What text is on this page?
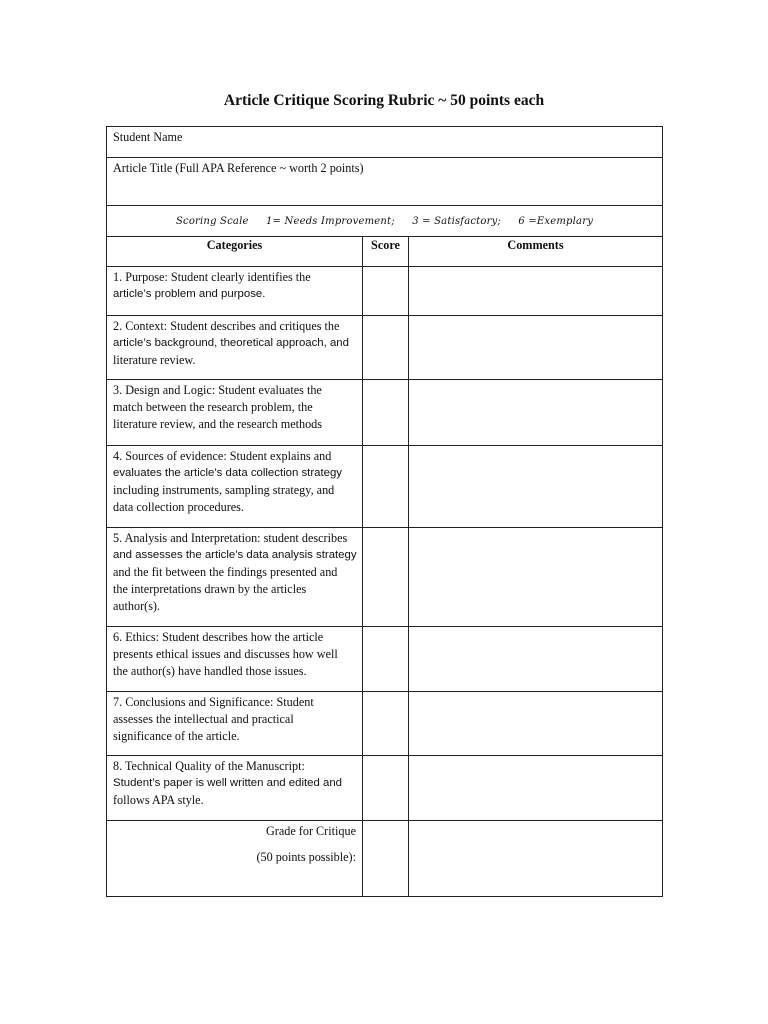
Article Critique Scoring Rubric ~ 50 points each
Student Name		
Article Title (Full APA Reference ~ worth 2 points)		
Scoring Scale 1= Needs Improvement; 3 = Satisfactory; 6 =Exemplary		
Categories	Score	Comments

1. Purpose: Student clearly identifies the
article’s problem and purpose.		

2. Context: Student describes and critiques the
article’s background, theoretical approach, and
literature review.		

3. Design and Logic: Student evaluates the
match between the research problem, the
literature review, and the research methods		

4. Sources of evidence: Student explains and
evaluates the article’s data collection strategy
including instruments, sampling strategy, and
data collection procedures.		

5. Analysis and Interpretation: student describes
and assesses the article’s data analysis strategy
and the fit between the findings presented and
the interpretations drawn by the articles
author(s).		

6. Ethics: Student describes how the article
presents ethical issues and discusses how well
the author(s) have handled those issues.		

7. Conclusions and Significance: Student
assesses the intellectual and practical
significance of the article.		

8. Technical Quality of the Manuscript:
Student’s paper is well written and edited and
follows APA style.		

Grade for Critique
(50 points possible):		
